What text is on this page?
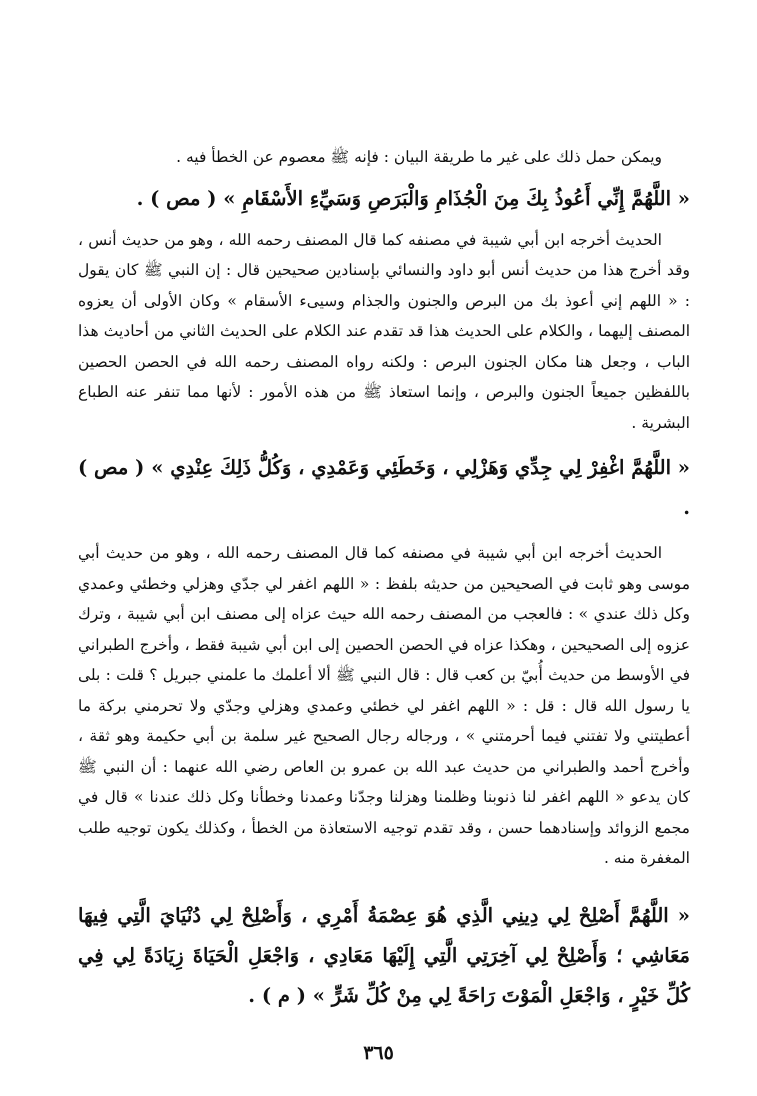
ويمكن حمل ذلك على غير ما طريقة البيان : فإنه ﷺ معصوم عن الخطأ فيه .

« اللَّهُمَّ إِنِّي أَعُوذُ بِكَ مِنَ الْجُذَامِ وَالْبَرَصِ وَسَيِّءِ الأَسْقَامِ » ( مص ) .

الحديث أخرجه ابن أبي شيبة في مصنفه كما قال المصنف رحمه الله ، وهو من حديث أنس ، وقد أخرج هذا من حديث أنس أبو داود والنسائي بإسنادين صحيحين قال : إن النبي ﷺ كان يقول : « اللهم إني أعوذ بك من البرص والجنون والجذام وسيىء الأسقام » وكان الأولى أن يعزوه المصنف إليهما ، والكلام على الحديث هذا قد تقدم عند الكلام على الحديث الثاني من أحاديث هذا الباب ، وجعل هنا مكان الجنون البرص : ولكنه رواه المصنف رحمه الله في الحصن الحصين باللفظين جميعاً الجنون والبرص ، وإنما استعاذ ﷺ من هذه الأمور : لأنها مما تنفر عنه الطباع البشرية .

« اللَّهُمَّ اغْفِرْ لِي جِدِّي وَهَزْلِي ، وَخَطَئِي وَعَمْدِي ، وَكُلُّ ذَلِكَ عِنْدِي » ( مص ) .

الحديث أخرجه ابن أبي شيبة في مصنفه كما قال المصنف رحمه الله ، وهو من حديث أبي موسى وهو ثابت في الصحيحين من حديثه بلفظ : « اللهم اغفر لي جدّي وهزلي وخطئي وعمدي وكل ذلك عندي » : فالعجب من المصنف رحمه الله حيث عزاه إلى مصنف ابن أبي شيبة ، وترك عزوه إلى الصحيحين ، وهكذا عزاه في الحصن الحصين إلى ابن أبي شيبة فقط ، وأخرج الطبراني في الأوسط من حديث أُبيّ بن كعب قال : قال النبي ﷺ ألا أعلمك ما علمني جبريل ؟ قلت : بلى يا رسول الله قال : قل : « اللهم اغفر لي خطئي وعمدي وهزلي وجدّي ولا تحرمني بركة ما أعطيتني ولا تفتني فيما أحرمتني » ، ورجاله رجال الصحيح غير سلمة بن أبي حكيمة وهو ثقة ، وأخرج أحمد والطبراني من حديث عبد الله بن عمرو بن العاص رضي الله عنهما : أن النبي ﷺ كان يدعو « اللهم اغفر لنا ذنوبنا وظلمنا وهزلنا وجدّنا وعمدنا وخطأنا وكل ذلك عندنا » قال في مجمع الزوائد وإسنادهما حسن ، وقد تقدم توجيه الاستعاذة من الخطأ ، وكذلك يكون توجيه طلب المغفرة منه .

« اللَّهُمَّ أَصْلِحْ لِي دِينِي الَّذِي هُوَ عِصْمَةُ أَمْرِي ، وَأَصْلِحْ لِي دُنْيَايَ الَّتِي فِيهَا مَعَاشِي ؛ وَأَصْلِحْ لِي آخِرَتِي الَّتِي إِلَيْهَا مَعَادِي ، وَاجْعَلِ الْحَيَاةَ زِيَادَةً لِي فِي كُلِّ خَيْرٍ ، وَاجْعَلِ الْمَوْتَ رَاحَةً لِي مِنْ كُلِّ شَرٍّ » ( م ) .

٣٦٥
